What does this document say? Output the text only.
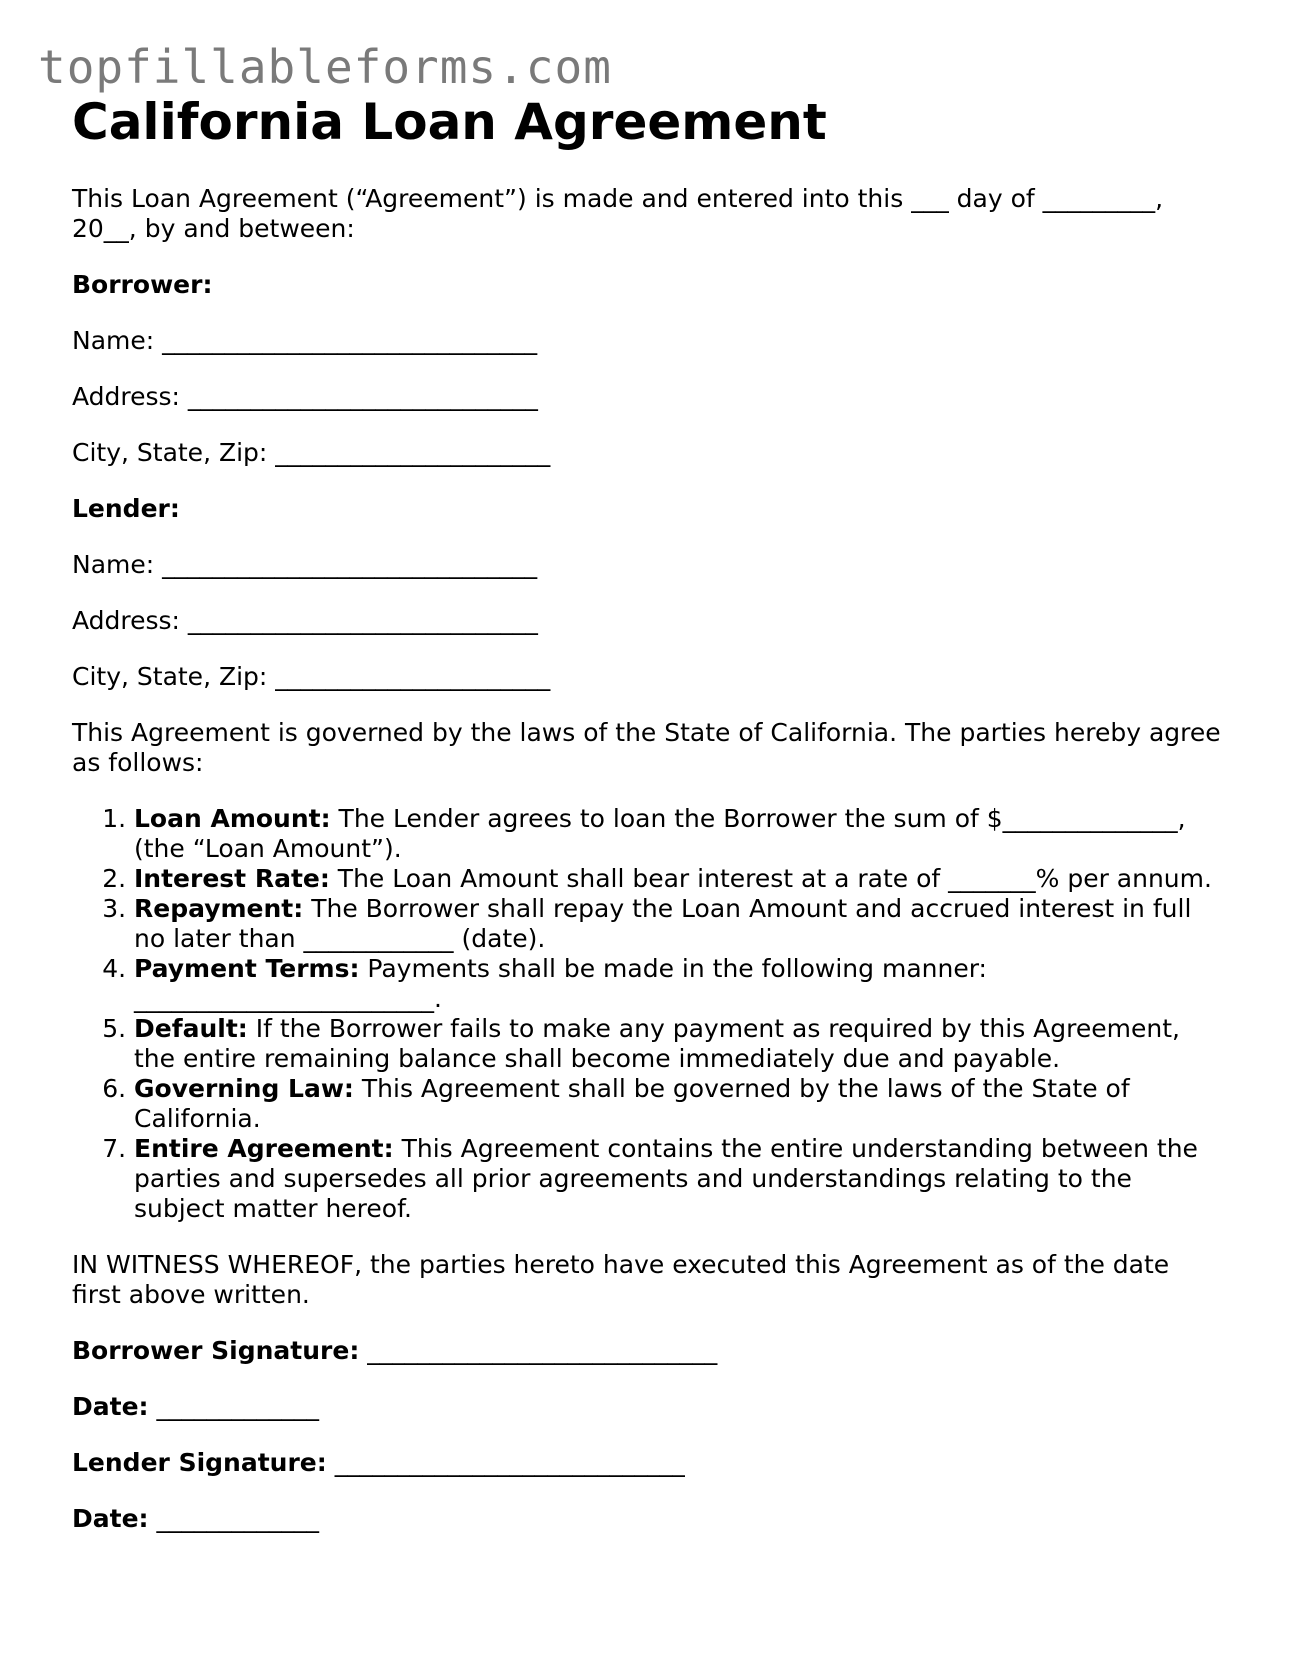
topfillableforms.com
California Loan Agreement

This Loan Agreement (“Agreement”) is made and entered into this ___ day of _________, 20__, by and between:

Borrower:

Name: ______________________________

Address: ____________________________

City, State, Zip: ______________________

Lender:

Name: ______________________________

Address: ____________________________

City, State, Zip: ______________________

This Agreement is governed by the laws of the State of California. The parties hereby agree as follows:

1. Loan Amount: The Lender agrees to loan the Borrower the sum of $______________, (the “Loan Amount”).
2. Interest Rate: The Loan Amount shall bear interest at a rate of _______% per annum.
3. Repayment: The Borrower shall repay the Loan Amount and accrued interest in full no later than ____________ (date).
4. Payment Terms: Payments shall be made in the following manner: ________________________.
5. Default: If the Borrower fails to make any payment as required by this Agreement, the entire remaining balance shall become immediately due and payable.
6. Governing Law: This Agreement shall be governed by the laws of the State of California.
7. Entire Agreement: This Agreement contains the entire understanding between the parties and supersedes all prior agreements and understandings relating to the subject matter hereof.

IN WITNESS WHEREOF, the parties hereto have executed this Agreement as of the date first above written.

Borrower Signature: ____________________________

Date: _____________

Lender Signature: ____________________________

Date: _____________
